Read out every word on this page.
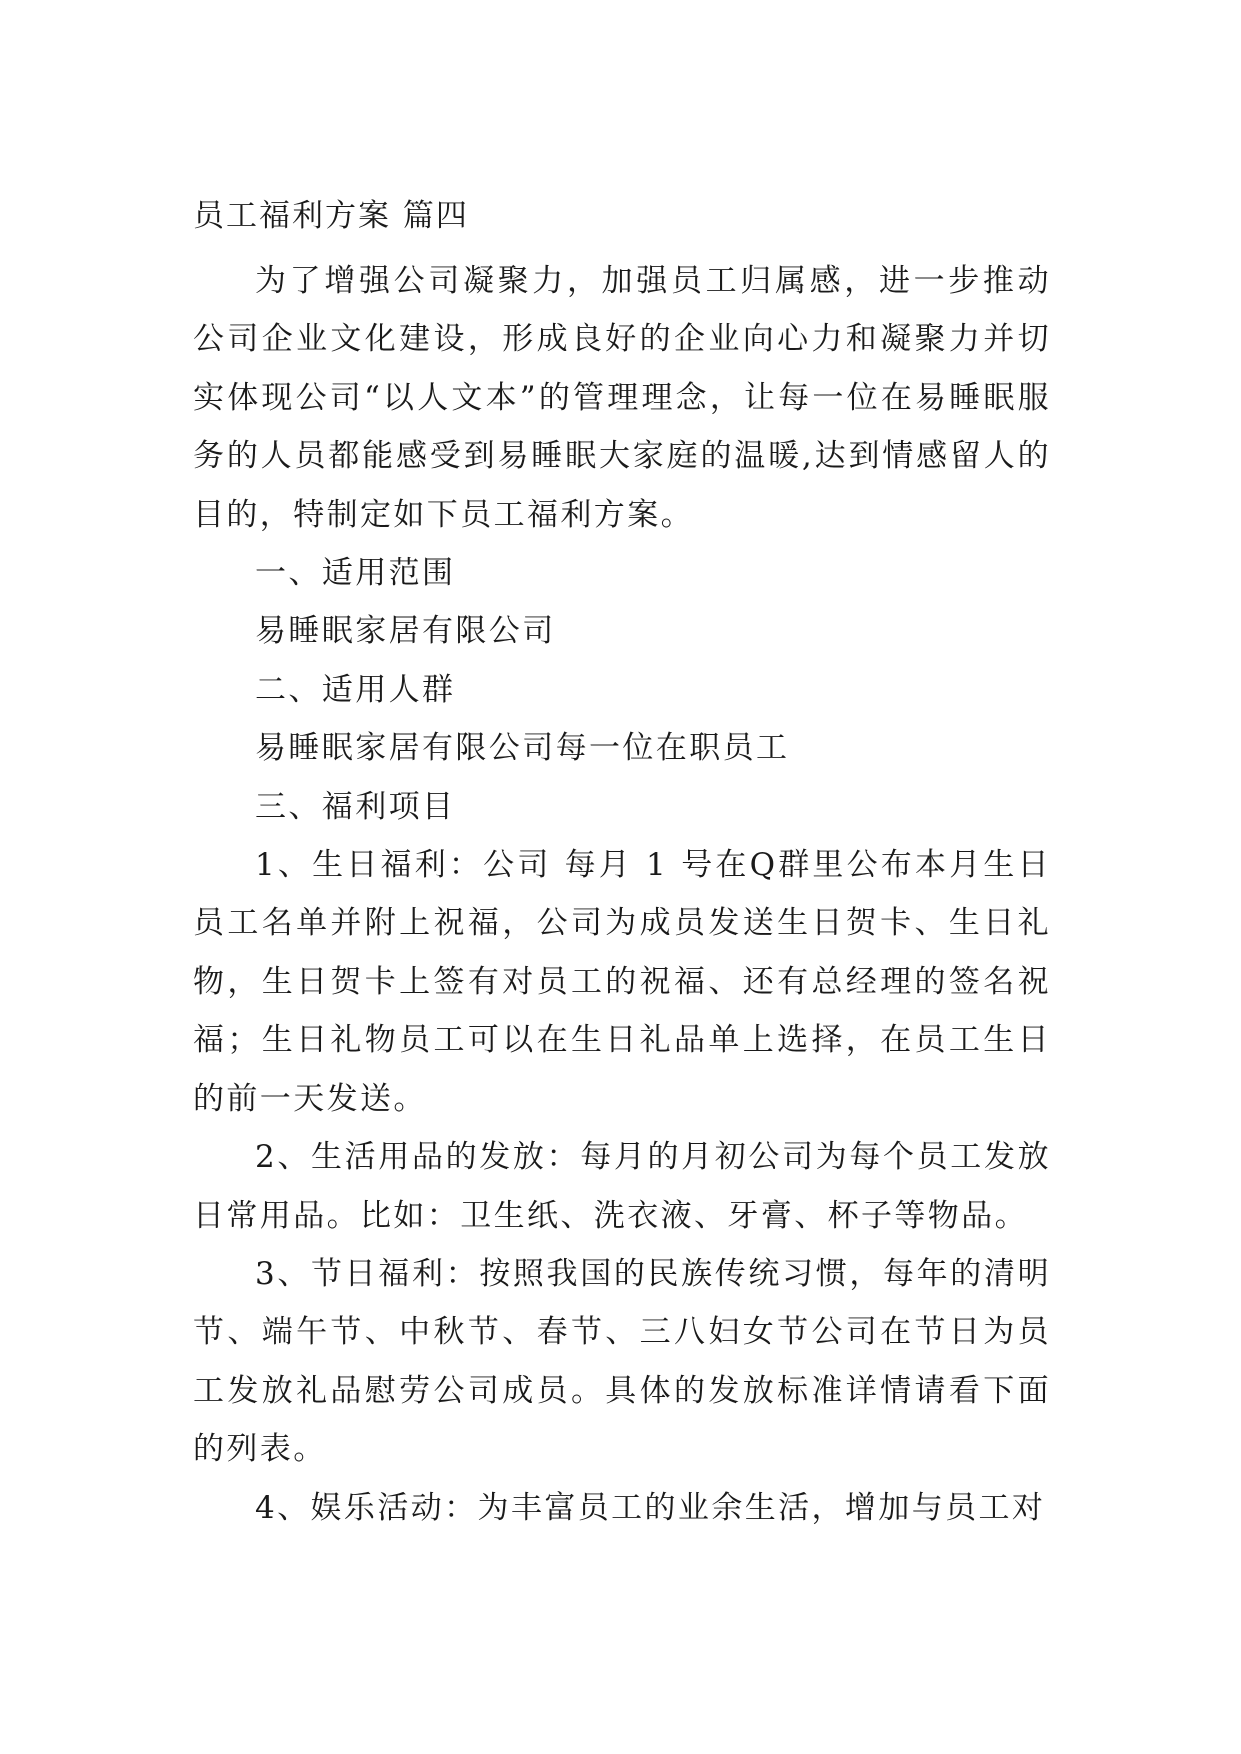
员工福利方案 篇四

为了增强公司凝聚力，加强员工归属感，进一步推动公司企业文化建设，形成良好的企业向心力和凝聚力并切实体现公司“以人文本”的管理理念，让每一位在易睡眠服务的人员都能感受到易睡眠大家庭的温暖,达到情感留人的目的，特制定如下员工福利方案。

一、适用范围

易睡眠家居有限公司

二、适用人群

易睡眠家居有限公司每一位在职员工

三、福利项目

1、生日福利：公司 每月 1 号在Q群里公布本月生日员工名单并附上祝福，公司为成员发送生日贺卡、生日礼物，生日贺卡上签有对员工的祝福、还有总经理的签名祝福；生日礼物员工可以在生日礼品单上选择，在员工生日的前一天发送。

2、生活用品的发放：每月的月初公司为每个员工发放日常用品。比如：卫生纸、洗衣液、牙膏、杯子等物品。

3、节日福利：按照我国的民族传统习惯，每年的清明节、端午节、中秋节、春节、三八妇女节公司在节日为员工发放礼品慰劳公司成员。具体的发放标准详情请看下面的列表。

4、娱乐活动：为丰富员工的业余生活，增加与员工对
